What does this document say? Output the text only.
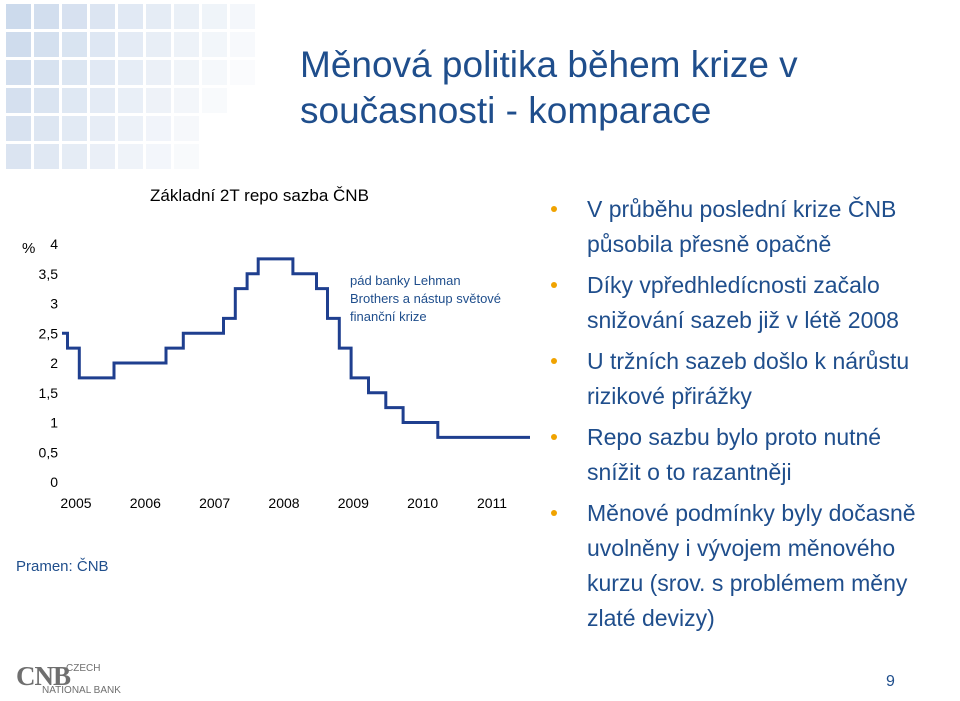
Měnová politika během krize v
současnosti - komparace
Základní 2T repo sazba ČNB
%
0
0,5
1
1,5
2
2,5
3
3,5
4
2005	2006	2007	2008	2009	2010	2011
pád banky Lehman
Brothers a nástup světové
finanční krize
Pramen: ČNB
V průběhu poslední krize ČNB
působila přesně opačně
Díky vpředhledícnosti začalo
snižování sazeb již v létě 2008
U tržních sazeb došlo k nárůstu
rizikové přirážky
Repo sazbu bylo proto nutné
snížit o to razantněji
Měnové podmínky byly dočasně
uvolněny i vývojem měnového
kurzu (srov. s problémem měny
zlaté devizy)
CNB
CZECH
NATIONAL BANK
9
